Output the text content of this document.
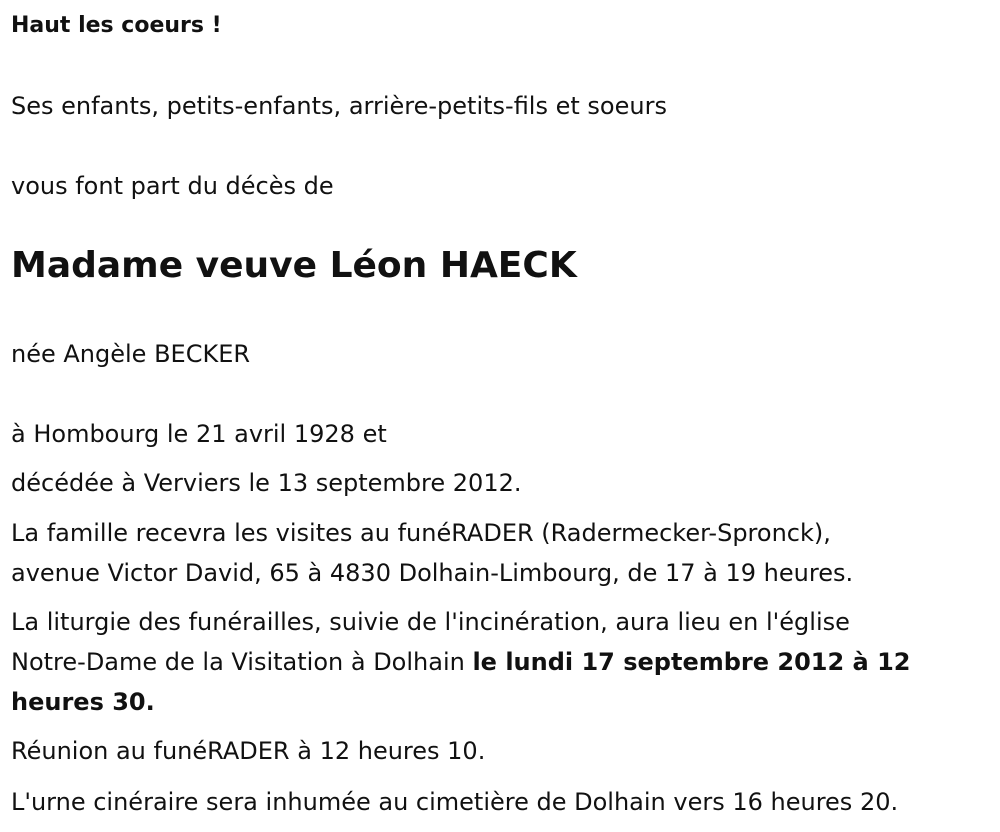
Haut les coeurs !
Ses enfants, petits-enfants, arrière-petits-fils et soeurs
vous font part du décès de
Madame veuve Léon HAECK
née Angèle BECKER
à Hombourg le 21 avril 1928 et
décédée à Verviers le 13 septembre 2012.
La famille recevra les visites au funéRADER (Radermecker-Spronck),
avenue Victor David, 65 à 4830 Dolhain-Limbourg, de 17 à 19 heures.
La liturgie des funérailles, suivie de l'incinération, aura lieu en l'église
Notre-Dame de la Visitation à Dolhain le lundi 17 septembre 2012 à 12
heures 30.
Réunion au funéRADER à 12 heures 10.
L'urne cinéraire sera inhumée au cimetière de Dolhain vers 16 heures 20.
